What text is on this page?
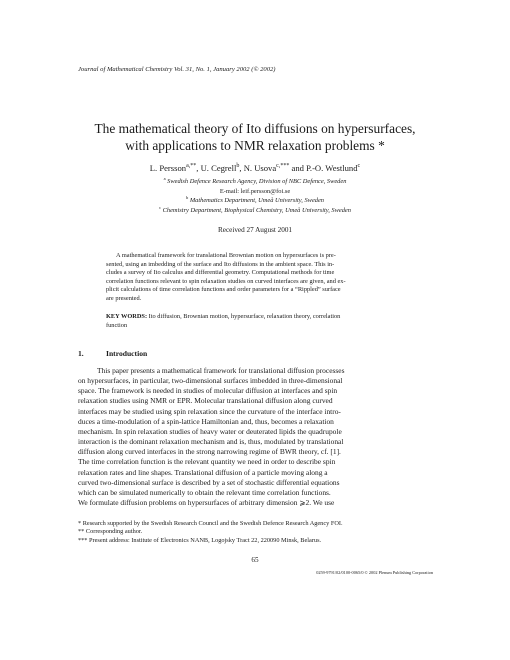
Journal of Mathematical Chemistry Vol. 31, No. 1, January 2002 (© 2002)
The mathematical theory of Ito diffusions on hypersurfaces,
with applications to NMR relaxation problems *
L. Persson$^{a,**}$, U. Cegrell$^b$, N. Usova$^{c,***}$ and P.-O. Westlund$^c$
$^a$ Swedish Defence Research Agency, Division of NBC Defence, Sweden
E-mail: leif.persson@foi.se
$^b$ Mathematics Department, Umeå University, Sweden
$^c$ Chemistry Department, Biophysical Chemistry, Umeå University, Sweden
Received 27 August 2001
A mathematical framework for translational Brownian motion on hypersurfaces is pre-
sented, using an imbedding of the surface and Ito diffusions in the ambient space. This in-
cludes a survey of Ito calculus and differential geometry. Computational methods for time
correlation functions relevant to spin relaxation studies on curved interfaces are given, and ex-
plicit calculations of time correlation functions and order parameters for a “Rippled” surface
are presented.
KEY WORDS: Ito diffusion, Brownian motion, hypersurface, relaxation theory, correlation
function
1.	Introduction
This paper presents a mathematical framework for translational diffusion processes
on hypersurfaces, in particular, two-dimensional surfaces imbedded in three-dimensional
space. The framework is needed in studies of molecular diffusion at interfaces and spin
relaxation studies using NMR or EPR. Molecular translational diffusion along curved
interfaces may be studied using spin relaxation since the curvature of the interface intro-
duces a time-modulation of a spin-lattice Hamiltonian and, thus, becomes a relaxation
mechanism. In spin relaxation studies of heavy water or deuterated lipids the quadrupole
interaction is the dominant relaxation mechanism and is, thus, modulated by translational
diffusion along curved interfaces in the strong narrowing regime of BWR theory, cf. [1].
The time correlation function is the relevant quantity we need in order to describe spin
relaxation rates and line shapes. Translational diffusion of a particle moving along a
curved two-dimensional surface is described by a set of stochastic differential equations
which can be simulated numerically to obtain the relevant time correlation functions.
We formulate diffusion problems on hypersurfaces of arbitrary dimension ⩾2. We use
* Research supported by the Swedish Research Council and the Swedish Defence Research Agency FOI.
** Corresponding author.
*** Present address: Institute of Electronics NANB, Logojsky Tract 22, 220090 Minsk, Belarus.
65
0259-9791/02/0100-0065/0 © 2002 Plenum Publishing Corporation
